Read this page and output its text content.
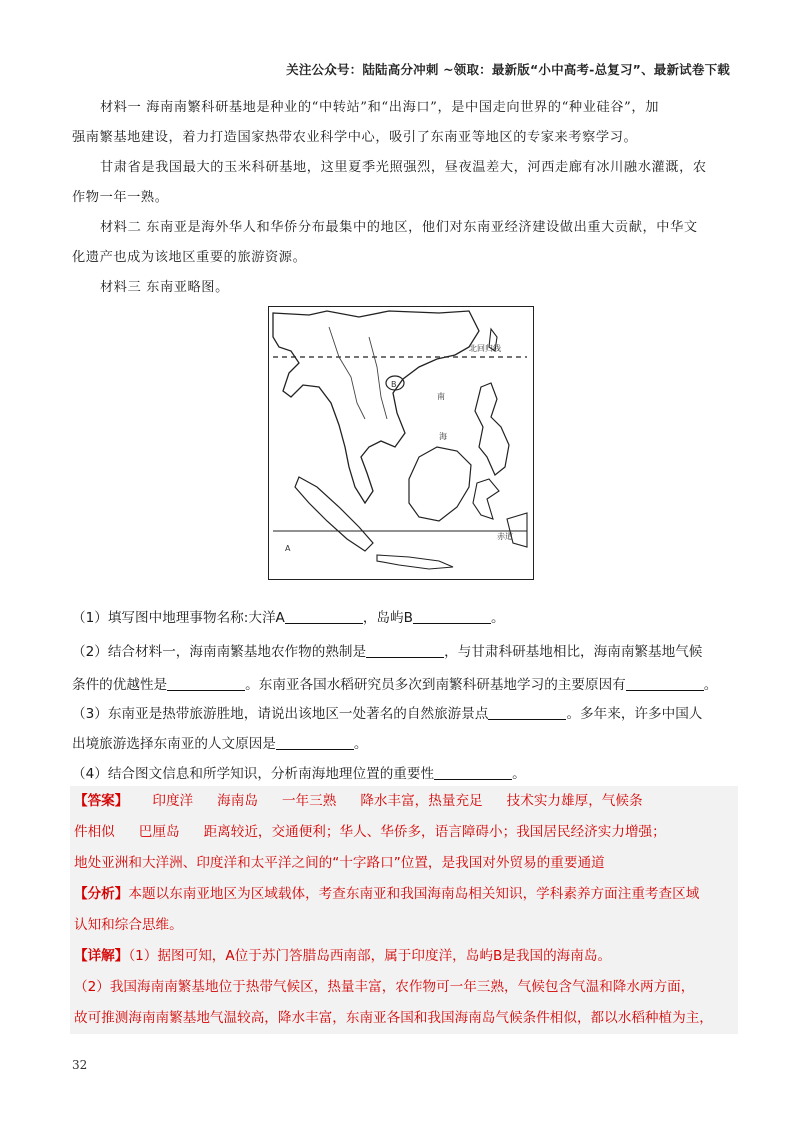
关注公众号：陆陆高分冲刺 ~领取：最新版“小中高考-总复习”、最新试卷下载

材料一 海南南繁科研基地是种业的“中转站”和“出海口”，是中国走向世界的“种业硅谷”，加

强南繁基地建设，着力打造国家热带农业科学中心，吸引了东南亚等地区的专家来考察学习。

甘肃省是我国最大的玉米科研基地，这里夏季光照强烈，昼夜温差大，河西走廊有冰川融水灌溉，农

作物一年一熟。

材料二 东南亚是海外华人和华侨分布最集中的地区，他们对东南亚经济建设做出重大贡献，中华文

化遗产也成为该地区重要的旅游资源。

材料三 东南亚略图。

北回归线
B
南
海
A
赤道

（1）填写图中地理事物名称:大洋A	，岛屿B	。

（2）结合材料一，海南南繁基地农作物的熟制是	，与甘肃科研基地相比，海南南繁基地气候

条件的优越性是	。东南亚各国水稻研究员多次到南繁科研基地学习的主要原因有	。

（3）东南亚是热带旅游胜地，请说出该地区一处著名的自然旅游景点	。多年来，许多中国人

出境旅游选择东南亚的人文原因是	。

（4）结合图文信息和所学知识，分析南海地理位置的重要性	。

【答案】 印度洋 海南岛 一年三熟 降水丰富，热量充足 技术实力雄厚，气候条
件相似 巴厘岛 距离较近，交通便利；华人、华侨多，语言障碍小；我国居民经济实力增强；
地处亚洲和大洋洲、印度洋和太平洋之间的“十字路口”位置，是我国对外贸易的重要通道
【分析】本题以东南亚地区为区域载体，考查东南亚和我国海南岛相关知识，学科素养方面注重考查区域
认知和综合思维。
【详解】（1）据图可知，A位于苏门答腊岛西南部，属于印度洋，岛屿B是我国的海南岛。
（2）我国海南南繁基地位于热带气候区，热量丰富，农作物可一年三熟，气候包含气温和降水两方面，
故可推测海南南繁基地气温较高，降水丰富，东南亚各国和我国海南岛气候条件相似，都以水稻种植为主，
32
